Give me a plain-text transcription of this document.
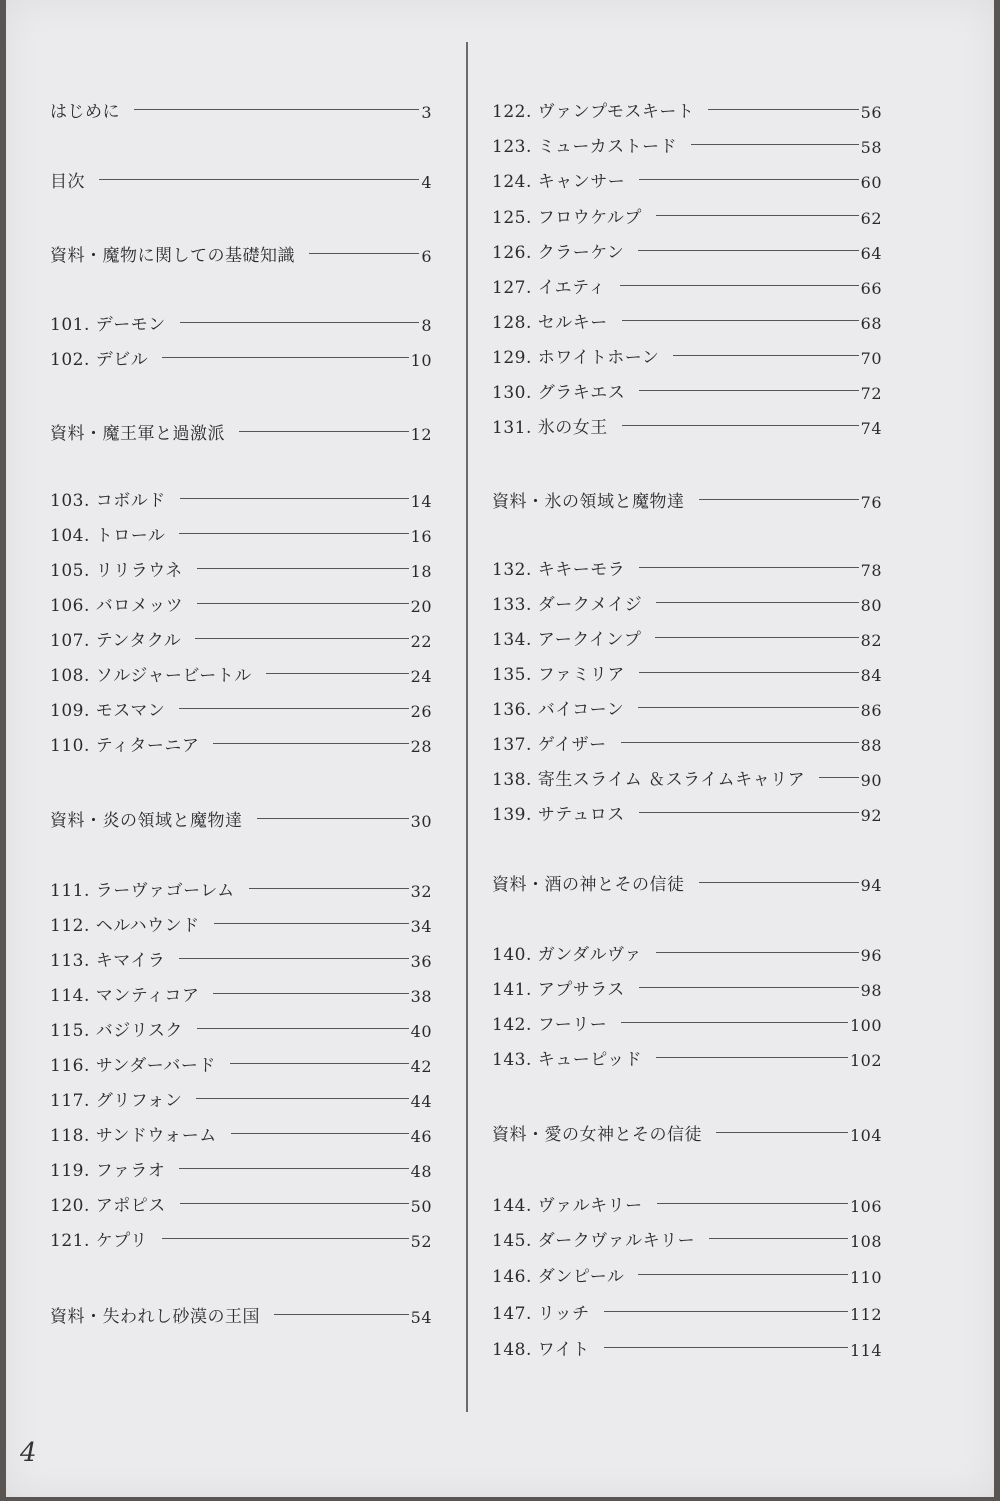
はじめに	3
目次	4
資料・魔物に関しての基礎知識	6
101. デーモン	8
102. デビル	10
資料・魔王軍と過激派	12
103. コボルド	14
104. トロール	16
105. リリラウネ	18
106. バロメッツ	20
107. テンタクル	22
108. ソルジャービートル	24
109. モスマン	26
110. ティターニア	28
資料・炎の領域と魔物達	30
111. ラーヴァゴーレム	32
112. ヘルハウンド	34
113. キマイラ	36
114. マンティコア	38
115. バジリスク	40
116. サンダーバード	42
117. グリフォン	44
118. サンドウォーム	46
119. ファラオ	48
120. アポピス	50
121. ケプリ	52
資料・失われし砂漠の王国	54
122. ヴァンプモスキート	56
123. ミューカストード	58
124. キャンサー	60
125. フロウケルプ	62
126. クラーケン	64
127. イエティ	66
128. セルキー	68
129. ホワイトホーン	70
130. グラキエス	72
131. 氷の女王	74
資料・氷の領域と魔物達	76
132. キキーモラ	78
133. ダークメイジ	80
134. アークインプ	82
135. ファミリア	84
136. バイコーン	86
137. ゲイザー	88
138. 寄生スライム ＆スライムキャリア	90
139. サテュロス	92
資料・酒の神とその信徒	94
140. ガンダルヴァ	96
141. アプサラス	98
142. フーリー	100
143. キューピッド	102
資料・愛の女神とその信徒	104
144. ヴァルキリー	106
145. ダークヴァルキリー	108
146. ダンピール	110
147. リッチ	112
148. ワイト	114
4
